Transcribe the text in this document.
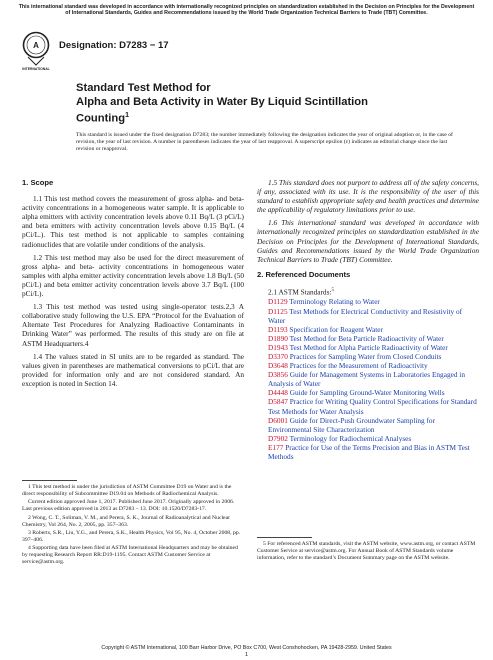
This international standard was developed in accordance with internationally recognized principles on standardization established in the Decision on Principles for the Development of International Standards, Guides and Recommendations issued by the World Trade Organization Technical Barriers to Trade (TBT) Committee.
A
INTERNATIONAL
Designation: D7283 − 17
Standard Test Method for
Alpha and Beta Activity in Water By Liquid Scintillation
Counting$^1$
This standard is issued under the fixed designation D7283; the number immediately following the designation indicates the year of original adoption or, in the case of revision, the year of last revision. A number in parentheses indicates the year of last reapproval. A superscript epsilon (ε) indicates an editorial change since the last revision or reapproval.
1. Scope

1.1 This test method covers the measurement of gross alpha- and beta- activity concentrations in a homogeneous water sample. It is applicable to alpha emitters with activity concentration levels above 0.11 Bq/L (3 pCi/L) and beta emitters with activity concentration levels above 0.15 Bq/L (4 pCi/L.). This test method is not applicable to samples containing radionuclides that are volatile under conditions of the analysis.

1.2 This test method may also be used for the direct measurement of gross alpha- and beta- activity concentrations in homogeneous water samples with alpha emitter activity concentration levels above 1.8 Bq/L (50 pCi/L) and beta emitter activity concentration levels above 3.7 Bq/L (100 pCi/L).

1.3 This test method was tested using single-operator tests.2,3 A collaborative study following the U.S. EPA “Protocol for the Evaluation of Alternate Test Procedures for Analyzing Radioactive Contaminants in Drinking Water” was performed. The results of this study are on file at ASTM Headquarters.4

1.4 The values stated in SI units are to be regarded as standard. The values given in parentheses are mathematical conversions to pCi/L that are provided for information only and are not considered standard. An exception is noted in Section 14.

1.5 This standard does not purport to address all of the safety concerns, if any, associated with its use. It is the responsibility of the user of this standard to establish appropriate safety and health practices and determine the applicability of regulatory limitations prior to use.

1.6 This international standard was developed in accordance with internationally recognized principles on standardization established in the Decision on Principles for the Development of International Standards, Guides and Recommendations issued by the World Trade Organization Technical Barriers to Trade (TBT) Committee.

2. Referenced Documents
2.1 ASTM Standards:$^5$

D1129 Terminology Relating to Water

D1125 Test Methods for Electrical Conductivity and Resistivity of Water

D1193 Specification for Reagent Water

D1890 Test Method for Beta Particle Radioactivity of Water

D1943 Test Method for Alpha Particle Radioactivity of Water

D3370 Practices for Sampling Water from Closed Conduits

D3648 Practices for the Measurement of Radioactivity

D3856 Guide for Management Systems in Laboratories Engaged in Analysis of Water

D4448 Guide for Sampling Ground-Water Monitoring Wells

D5847 Practice for Writing Quality Control Specifications for Standard Test Methods for Water Analysis

D6001 Guide for Direct-Push Groundwater Sampling for Environmental Site Characterization

D7902 Terminology for Radiochemical Analyses

E177 Practice for Use of the Terms Precision and Bias in ASTM Test Methods

1 This test method is under the jurisdiction of ASTM Committee D19 on Water and is the direct responsibility of Subcommittee D19.04 on Methods of Radiochemical Analysis.

Current edition approved June 1, 2017. Published June 2017. Originally approved in 2006. Last previous edition approved in 2013 as D7283 – 13. DOI: 10.1520/D7283-17.

2 Wong, C. T., Soliman, V. M., and Perera, S. K., Journal of Radioanalytical and Nuclear Chemistry, Vol 264, No. 2, 2005, pp. 357–363.

3 Roberts, S.R., Liu, Y.G., and Perera, S.K., Health Physics, Vol 95, No. 4, October 2008, pp. 397–406.

4 Supporting data have been filed at ASTM International Headquarters and may be obtained by requesting Research Report RR:D19-1195. Contact ASTM Customer Service at service@astm.org.

5 For referenced ASTM standards, visit the ASTM website, www.astm.org, or contact ASTM Customer Service at service@astm.org. For Annual Book of ASTM Standards volume information, refer to the standard’s Document Summary page on the ASTM website.

Copyright © ASTM International, 100 Barr Harbor Drive, PO Box C700, West Conshohocken, PA 19428-2959. United States
1
